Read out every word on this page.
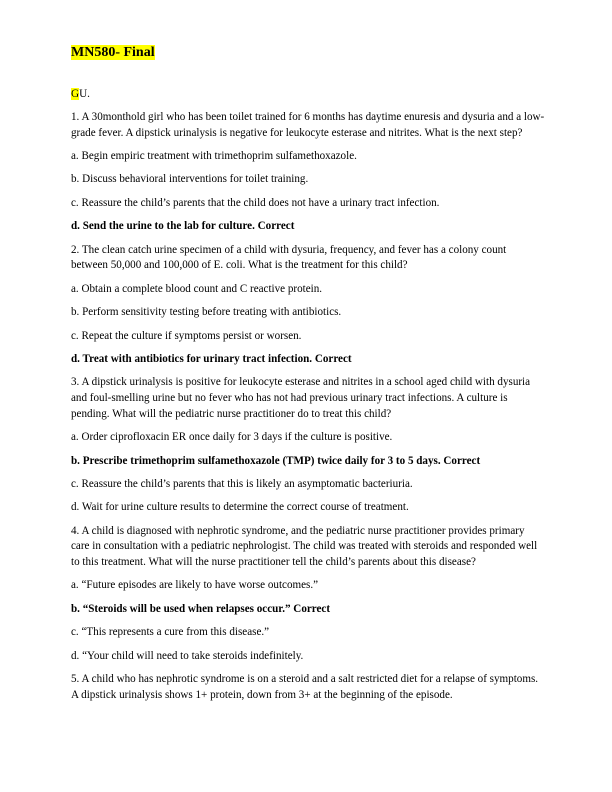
MN580- Final
GU.

1. A 30monthold girl who has been toilet trained for 6 months has daytime enuresis and dysuria and a low-grade fever. A dipstick urinalysis is negative for leukocyte esterase and nitrites. What is the next step?

a. Begin empiric treatment with trimethoprim sulfamethoxazole.

b. Discuss behavioral interventions for toilet training.

c. Reassure the child’s parents that the child does not have a urinary tract infection.

d. Send the urine to the lab for culture. Correct

2. The clean catch urine specimen of a child with dysuria, frequency, and fever has a colony count between 50,000 and 100,000 of E. coli. What is the treatment for this child?

a. Obtain a complete blood count and C reactive protein.

b. Perform sensitivity testing before treating with antibiotics.

c. Repeat the culture if symptoms persist or worsen.

d. Treat with antibiotics for urinary tract infection. Correct

3. A dipstick urinalysis is positive for leukocyte esterase and nitrites in a school aged child with dysuria and foul-smelling urine but no fever who has not had previous urinary tract infections. A culture is pending. What will the pediatric nurse practitioner do to treat this child?

a. Order ciprofloxacin ER once daily for 3 days if the culture is positive.

b. Prescribe trimethoprim sulfamethoxazole (TMP) twice daily for 3 to 5 days. Correct

c. Reassure the child’s parents that this is likely an asymptomatic bacteriuria.

d. Wait for urine culture results to determine the correct course of treatment.

4. A child is diagnosed with nephrotic syndrome, and the pediatric nurse practitioner provides primary care in consultation with a pediatric nephrologist. The child was treated with steroids and responded well to this treatment. What will the nurse practitioner tell the child’s parents about this disease?

a. “Future episodes are likely to have worse outcomes.”

b. “Steroids will be used when relapses occur.” Correct

c. “This represents a cure from this disease.”

d. “Your child will need to take steroids indefinitely.

5. A child who has nephrotic syndrome is on a steroid and a salt restricted diet for a relapse of symptoms. A dipstick urinalysis shows 1+ protein, down from 3+ at the beginning of the episode.
